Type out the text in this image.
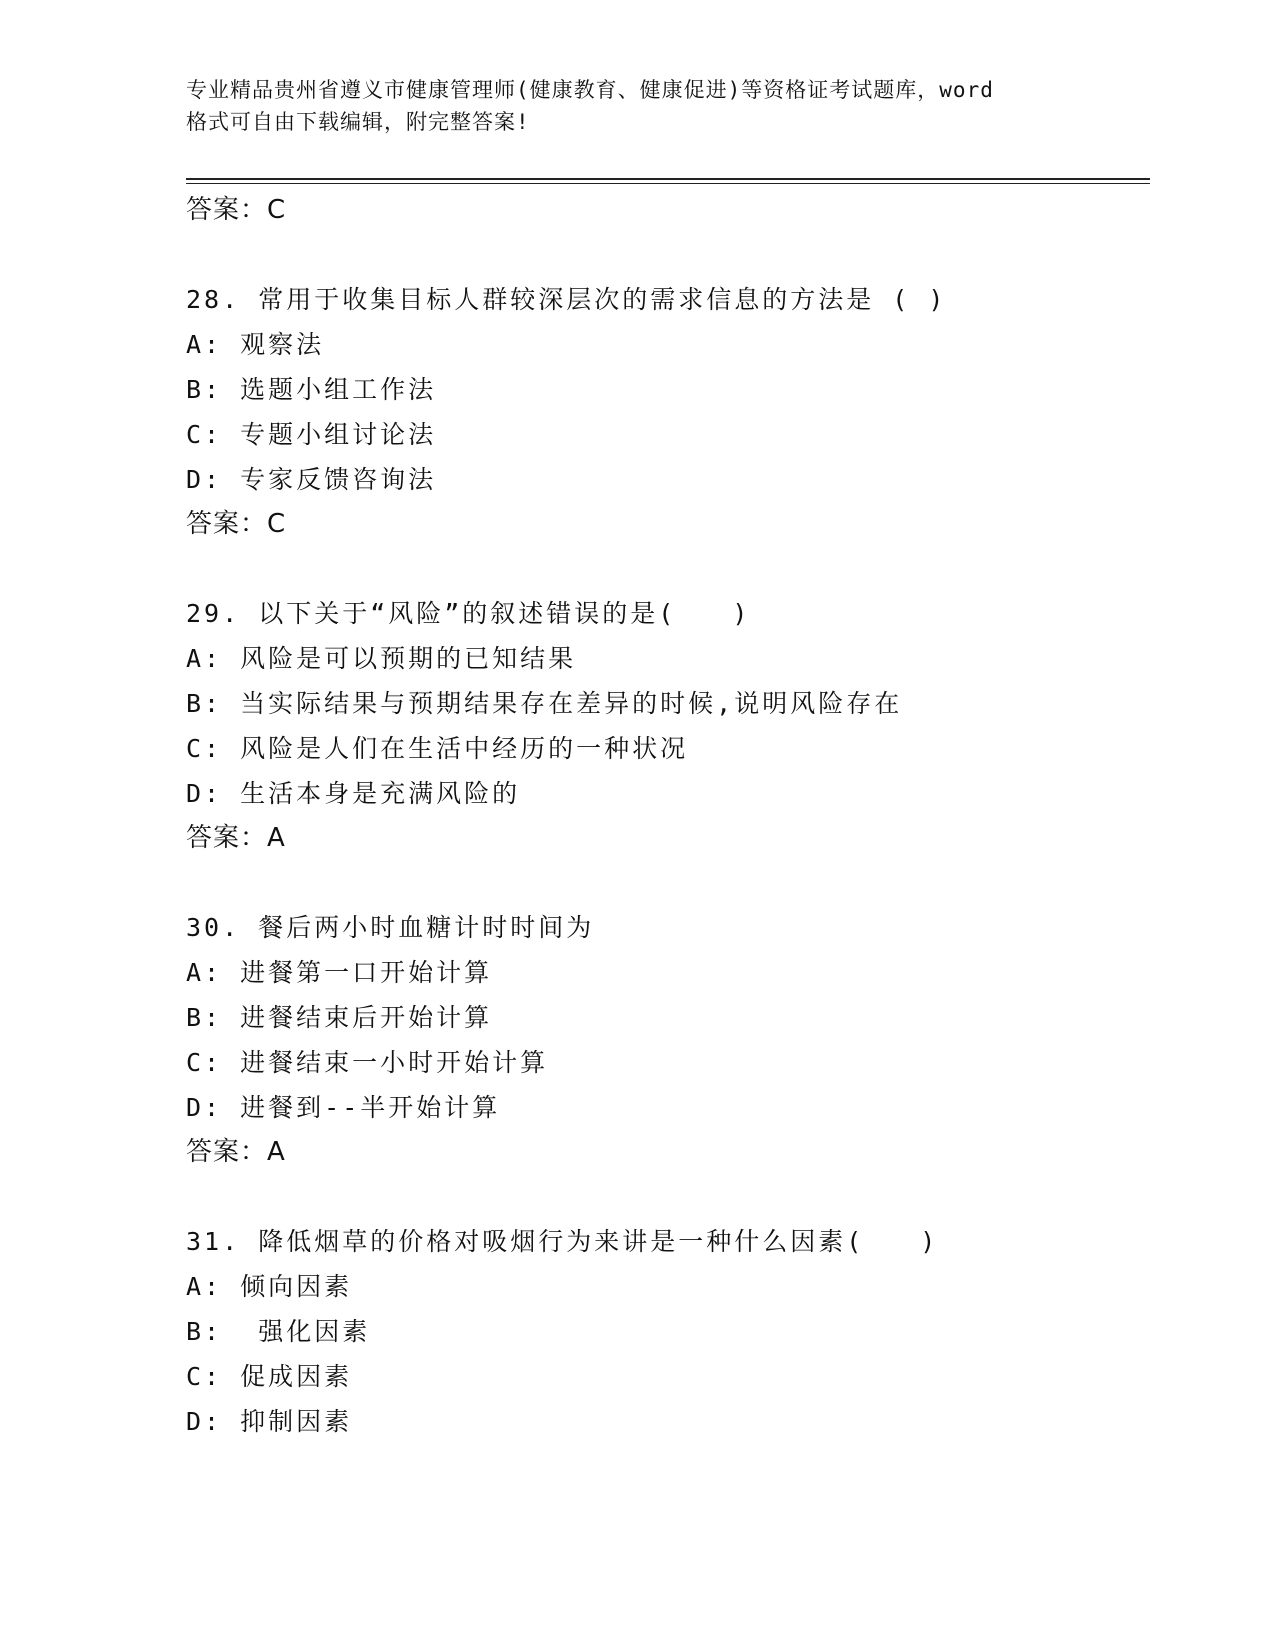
专业精品贵州省遵义市健康管理师(健康教育、健康促进)等资格证考试题库，word
格式可自由下载编辑，附完整答案!
答案：C
28. 常用于收集目标人群较深层次的需求信息的方法是 ( )
A: 观察法
B: 选题小组工作法
C: 专题小组讨论法
D: 专家反馈咨询法
答案：C
29. 以下关于“风险”的叙述错误的是(　　)
A: 风险是可以预期的已知结果
B: 当实际结果与预期结果存在差异的时候,说明风险存在
C: 风险是人们在生活中经历的一种状况
D: 生活本身是充满风险的
答案：A
30. 餐后两小时血糖计时时间为
A: 进餐第一口开始计算
B: 进餐结束后开始计算
C: 进餐结束一小时开始计算
D: 进餐到--半开始计算
答案：A
31. 降低烟草的价格对吸烟行为来讲是一种什么因素(　　)
A: 倾向因素
B:  强化因素
C: 促成因素
D: 抑制因素
